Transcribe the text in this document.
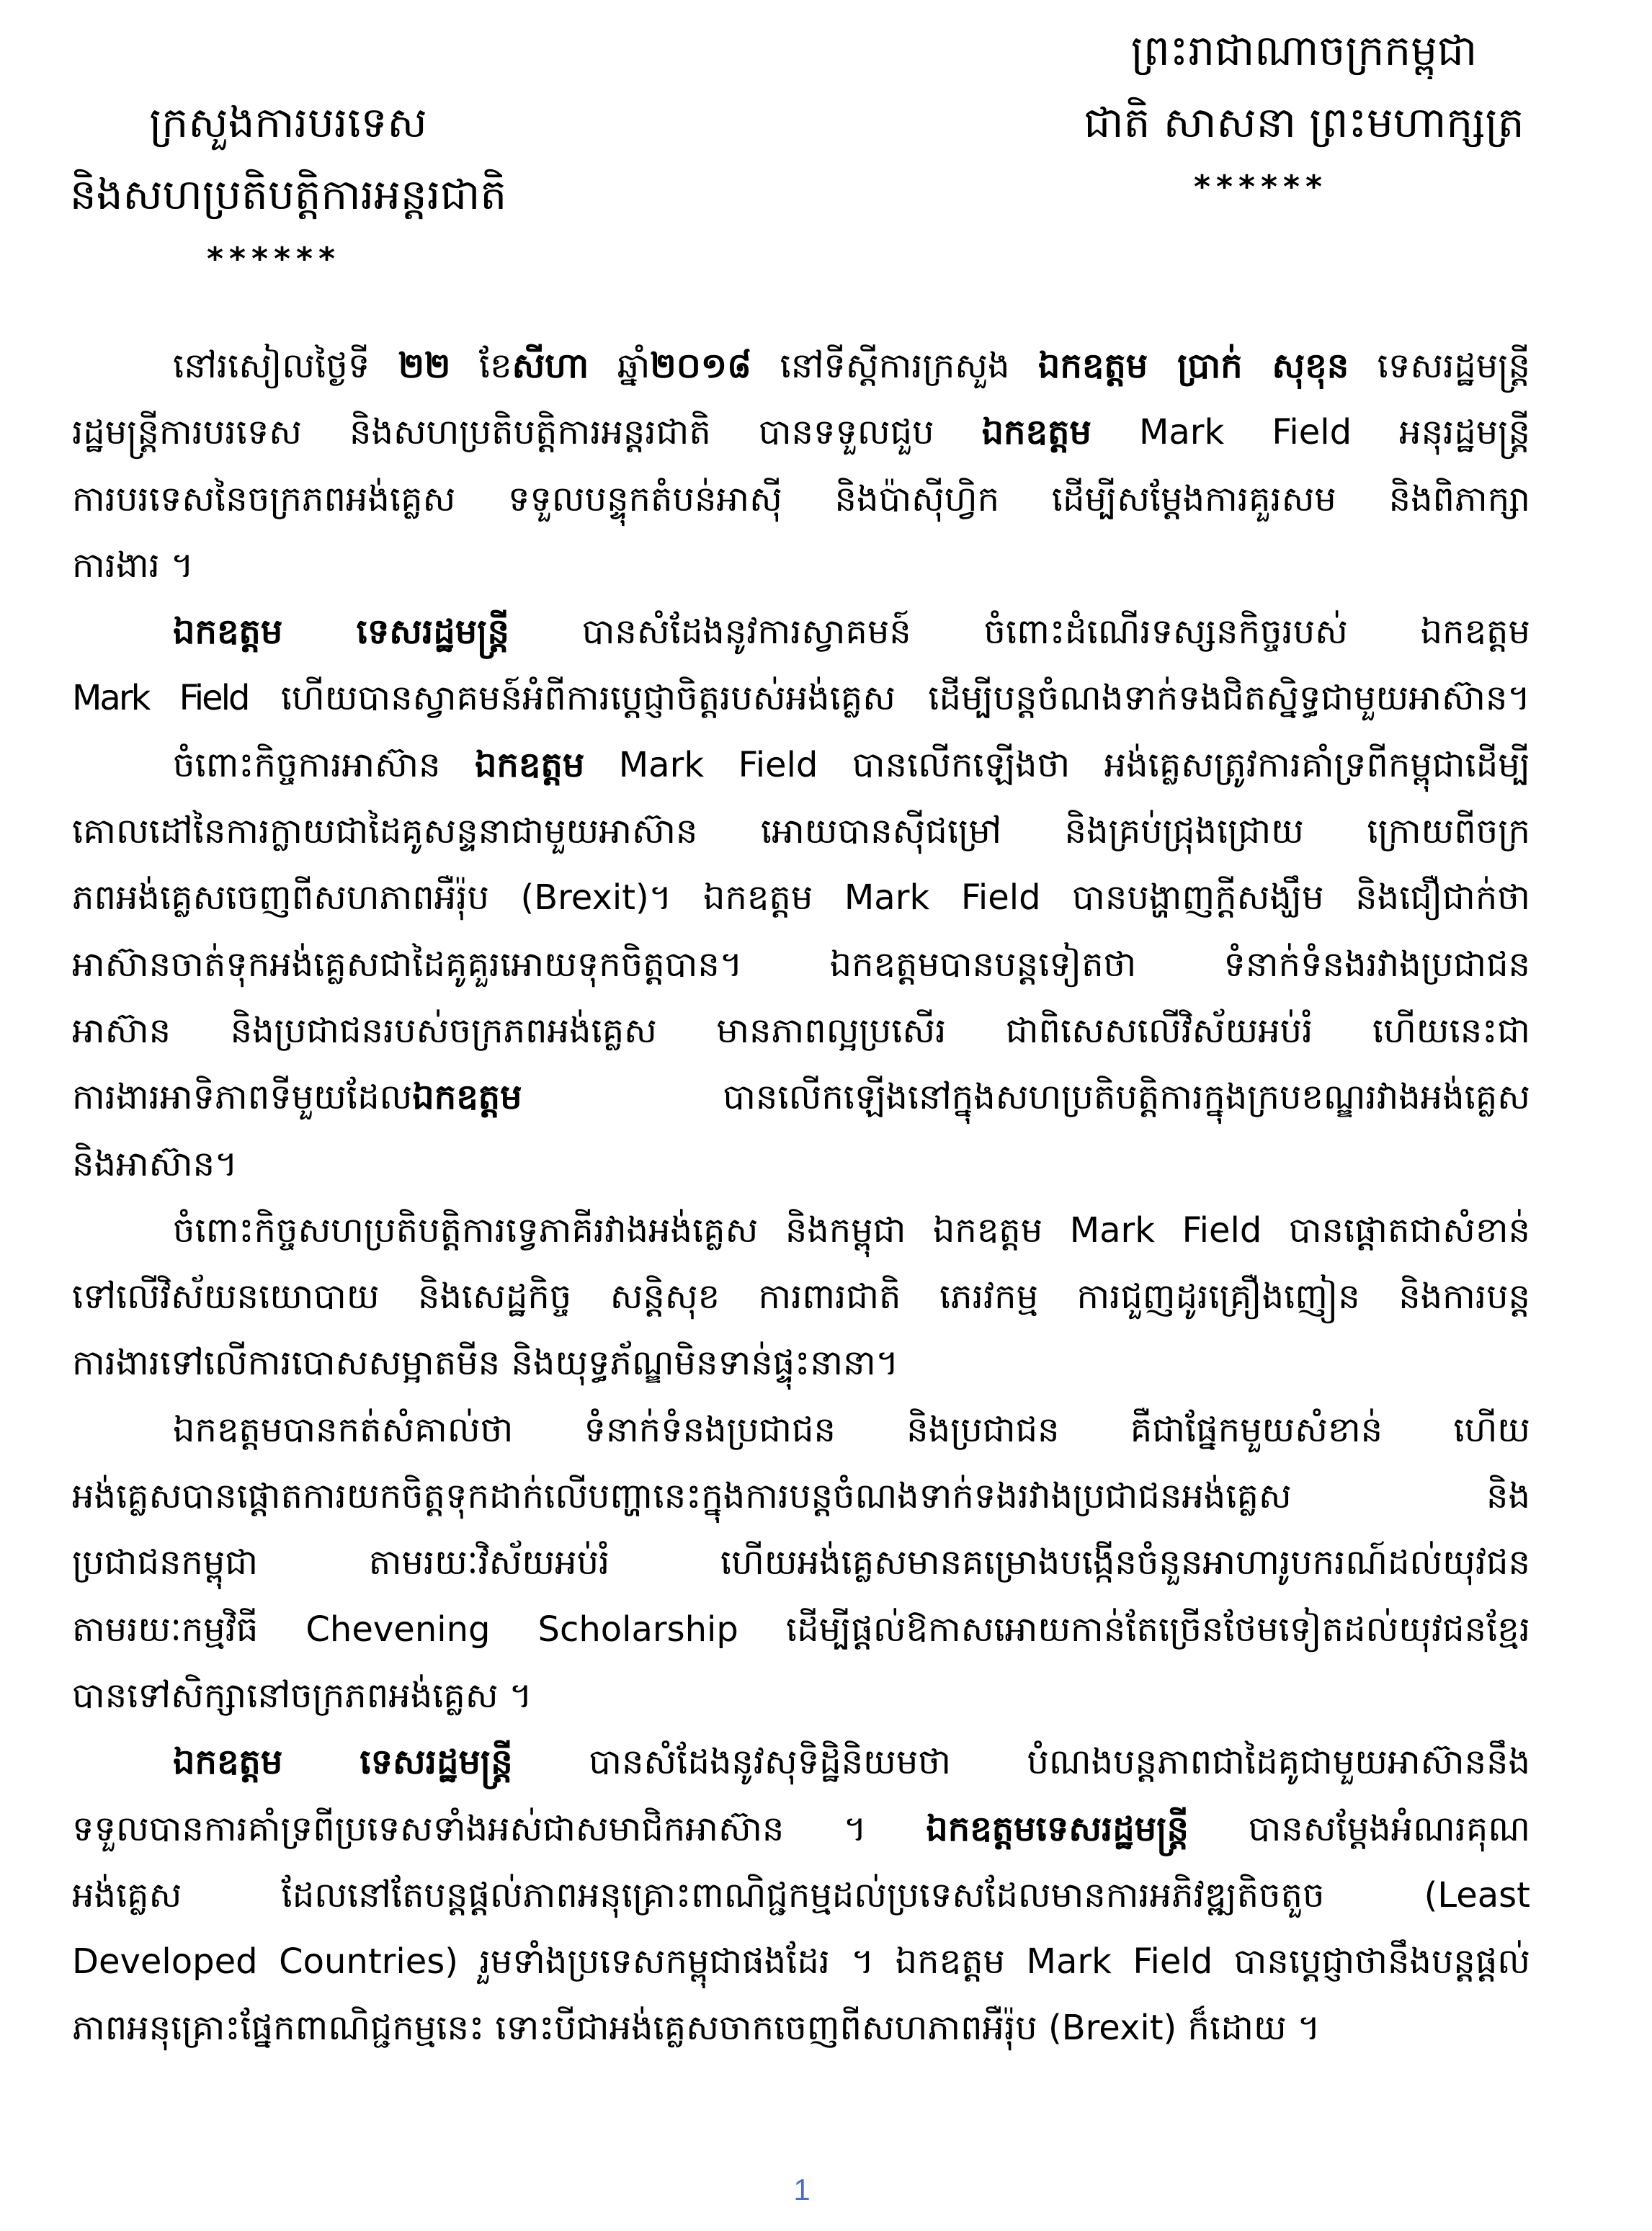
ក្រសួងការបរទេស
និងសហប្រតិបត្តិការអន្តរជាតិ
******
ព្រះរាជាណាចក្រកម្ពុជា
ជាតិ សាសនា ព្រះមហាក្សត្រ
******
នៅរសៀលថ្ងៃទី ២២ ខែសីហា ឆ្នាំ២០១៨ នៅទីស្តីការក្រសួង ឯកឧត្តម ប្រាក់ សុខុន ទេសរដ្ឋមន្ត្រី
រដ្ឋមន្ត្រីការបរទេស និងសហប្រតិបត្តិការអន្តរជាតិ បានទទួលជួប ឯកឧត្តម Mark Field អនុរដ្ឋមន្ត្រី
ការបរទេសនៃចក្រភពអង់គ្លេស ទទួលបន្ទុកតំបន់អាស៊ី និងប៉ាស៊ីហ្វិក ដើម្បីសម្តែងការគួរសម និងពិភាក្សា
ការងារ ។
ឯកឧត្តម ទេសរដ្ឋមន្ត្រី បានសំដែងនូវការស្វាគមន៍ ចំពោះដំណើរទស្សនកិច្ចរបស់ ឯកឧត្តម
Mark Field ហើយបានស្វាគមន៍អំពីការប្តេជ្ញាចិត្តរបស់អង់គ្លេស ដើម្បីបន្តចំណងទាក់ទងជិតស្និទ្ធជាមួយអាស៊ាន។
ចំពោះកិច្ចការអាស៊ាន ឯកឧត្តម Mark Field បានលើកឡើងថា អង់គ្លេសត្រូវការគាំទ្រពីកម្ពុជាដើម្បី
គោលដៅនៃការក្លាយជាដៃគូសន្ទនាជាមួយអាស៊ាន អោយបានស៊ីជម្រៅ និងគ្រប់ជ្រុងជ្រោយ ក្រោយពីចក្រ
ភពអង់គ្លេសចេញពីសហភាពអឺរ៉ុប (Brexit)។ ឯកឧត្តម Mark Field បានបង្ហាញក្តីសង្ឃឹម និងជឿជាក់ថា
អាស៊ានចាត់ទុកអង់គ្លេសជាដៃគូគួរអោយទុកចិត្តបាន។ ឯកឧត្តមបានបន្តទៀតថា ទំនាក់ទំនងរវាងប្រជាជន
អាស៊ាន និងប្រជាជនរបស់ចក្រភពអង់គ្លេស មានភាពល្អប្រសើរ ជាពិសេសលើវិស័យអប់រំ ហើយនេះជា
ការងារអាទិភាពទីមួយដែលឯកឧត្តម បានលើកឡើងនៅក្នុងសហប្រតិបត្តិការក្នុងក្របខណ្ឌរវាងអង់គ្លេស
និងអាស៊ាន។
ចំពោះកិច្ចសហប្រតិបត្តិការទ្វេភាគីរវាងអង់គ្លេស និងកម្ពុជា ឯកឧត្តម Mark Field បានផ្តោតជាសំខាន់
ទៅលើវិស័យនយោបាយ និងសេដ្ឋកិច្ច សន្តិសុខ ការពារជាតិ ភេរវកម្ម ការជួញដូរគ្រឿងញៀន និងការបន្ត
ការងារទៅលើការបោសសម្អាតមីន និងយុទ្ធភ័ណ្ឌមិនទាន់ផ្ទុះនានា។
ឯកឧត្តមបានកត់សំគាល់ថា ទំនាក់ទំនងប្រជាជន និងប្រជាជន គឺជាផ្នែកមួយសំខាន់ ហើយ
អង់គ្លេសបានផ្តោតការយកចិត្តទុកដាក់លើបញ្ហានេះក្នុងការបន្តចំណងទាក់ទងរវាងប្រជាជនអង់គ្លេស និង
ប្រជាជនកម្ពុជា តាមរយៈវិស័យអប់រំ ហើយអង់គ្លេសមានគម្រោងបង្កើនចំនួនអាហារូបករណ៍ដល់យុវជន
តាមរយៈកម្មវិធី Chevening Scholarship ដើម្បីផ្តល់ឱកាសអោយកាន់តែច្រើនថែមទៀតដល់យុវជនខ្មែរ
បានទៅសិក្សានៅចក្រភពអង់គ្លេស ។
ឯកឧត្តម ទេសរដ្ឋមន្ត្រី បានសំដែងនូវសុទិដ្ឋិនិយមថា បំណងបន្តភាពជាដៃគូជាមួយអាស៊ាននឹង
ទទួលបានការគាំទ្រពីប្រទេសទាំងអស់ជាសមាជិកអាស៊ាន ។ ឯកឧត្តមទេសរដ្ឋមន្ត្រី បានសម្តែងអំណរគុណ
អង់គ្លេស ដែលនៅតែបន្តផ្តល់ភាពអនុគ្រោះពាណិជ្ជកម្មដល់ប្រទេសដែលមានការអភិវឌ្ឍតិចតួច (Least
Developed Countries) រួមទាំងប្រទេសកម្ពុជាផងដែរ ។ ឯកឧត្តម Mark Field បានប្តេជ្ញាថានឹងបន្តផ្តល់
ភាពអនុគ្រោះផ្នែកពាណិជ្ជកម្មនេះ ទោះបីជាអង់គ្លេសចាកចេញពីសហភាពអឺរ៉ុប (Brexit) ក៏ដោយ ។
1
